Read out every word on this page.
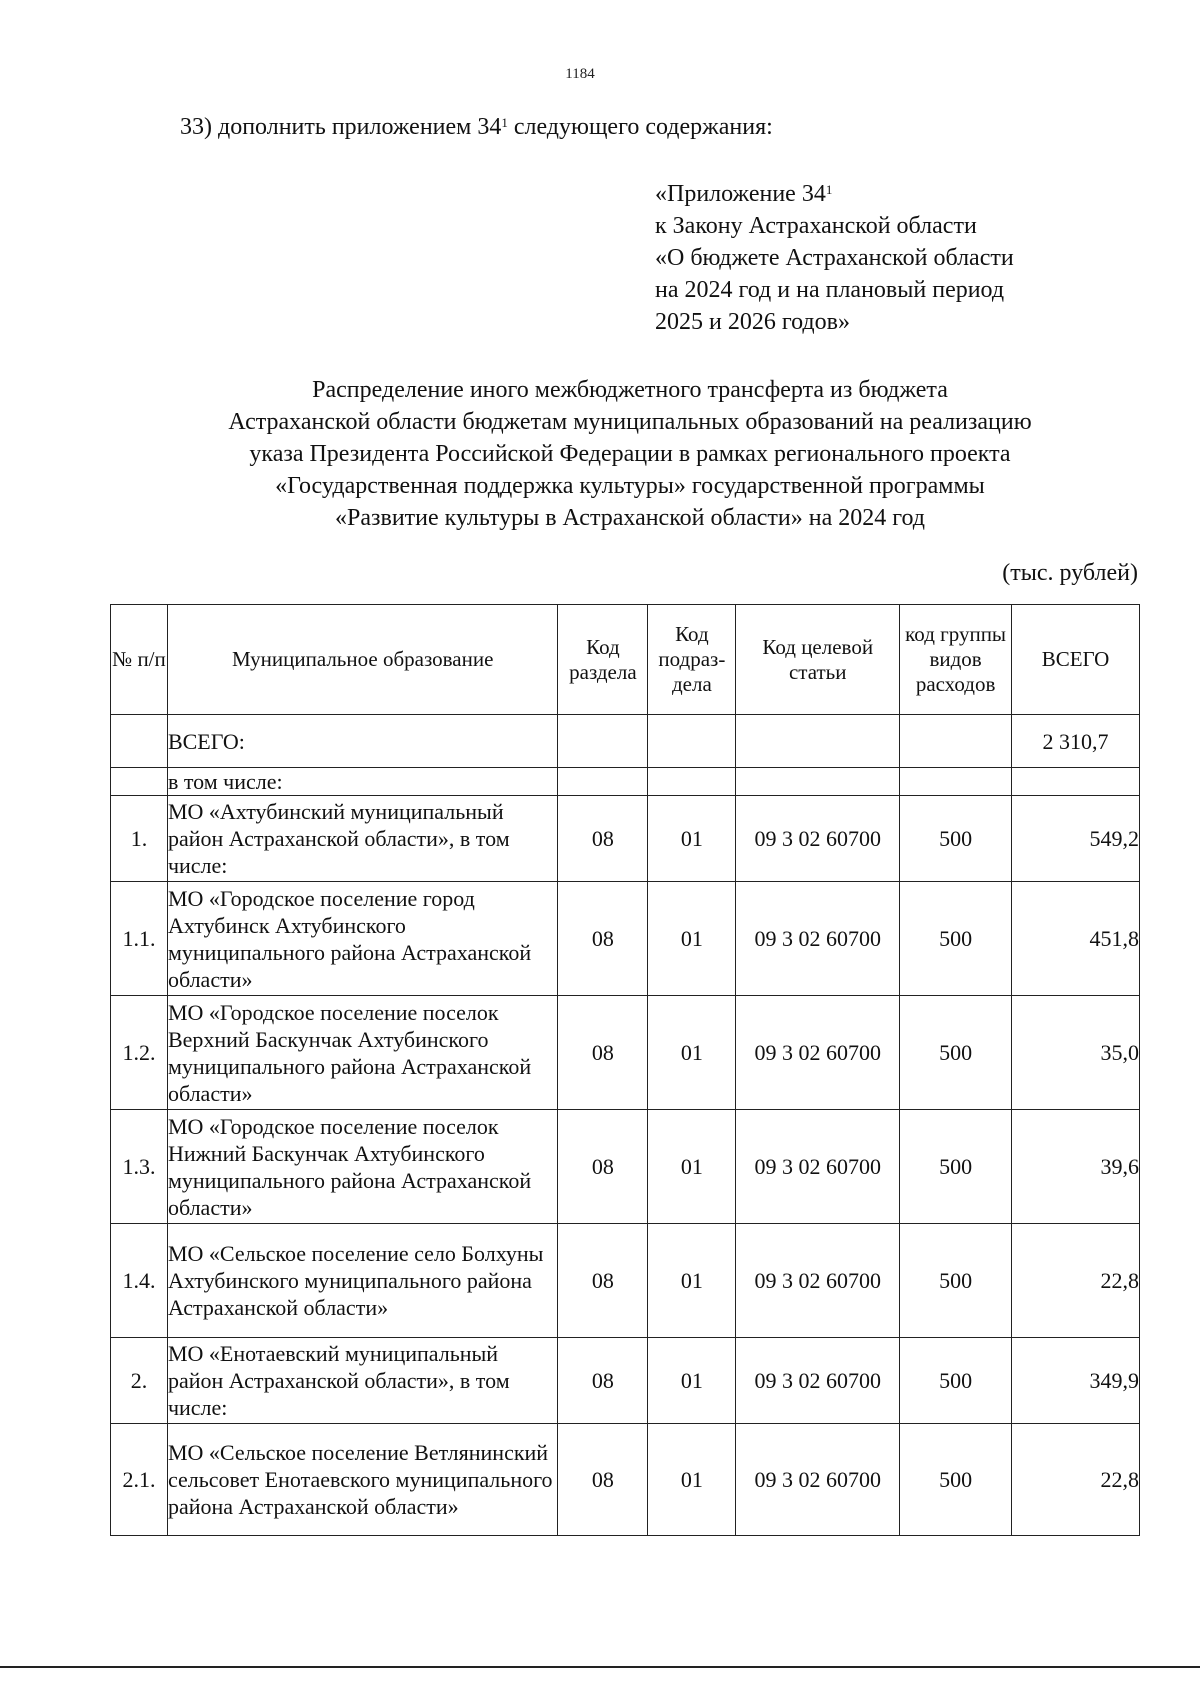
1184
33) дополнить приложением $34^1$ следующего содержания:
«Приложение $34^1$
к Закону Астраханской области
«О бюджете Астраханской области
на 2024 год и на плановый период
2025 и 2026 годов»
Распределение иного межбюджетного трансферта из бюджета
Астраханской области бюджетам муниципальных образований на реализацию
указа Президента Российской Федерации в рамках регионального проекта
«Государственная поддержка культуры» государственной программы
«Развитие культуры в Астраханской области» на 2024 год
(тыс. рублей)
№ п/п	Муниципальное образование	Код раздела	Код подраз-дела	Код целевой статьи	код группы видов расходов	ВСЕГО
	ВСЕГО:					2 310,7
	в том числе:					
1.	МО «Ахтубинский муниципальный район Астраханской области», в том числе:	08	01	09 3 02 60700	500	549,2
1.1.	МО «Городское поселение город Ахтубинск Ахтубинского муниципального района Астраханской области»	08	01	09 3 02 60700	500	451,8
1.2.	МО «Городское поселение поселок Верхний Баскунчак Ахтубинского муниципального района Астраханской области»	08	01	09 3 02 60700	500	35,0
1.3.	МО «Городское поселение поселок Нижний Баскунчак Ахтубинского муниципального района Астраханской области»	08	01	09 3 02 60700	500	39,6
1.4.	МО «Сельское поселение село Болхуны Ахтубинского муниципального района Астраханской области»	08	01	09 3 02 60700	500	22,8
2.	МО «Енотаевский муниципальный район Астраханской области», в том числе:	08	01	09 3 02 60700	500	349,9
2.1.	МО «Сельское поселение Ветлянинский сельсовет Енотаевского муниципального района Астраханской области»	08	01	09 3 02 60700	500	22,8
